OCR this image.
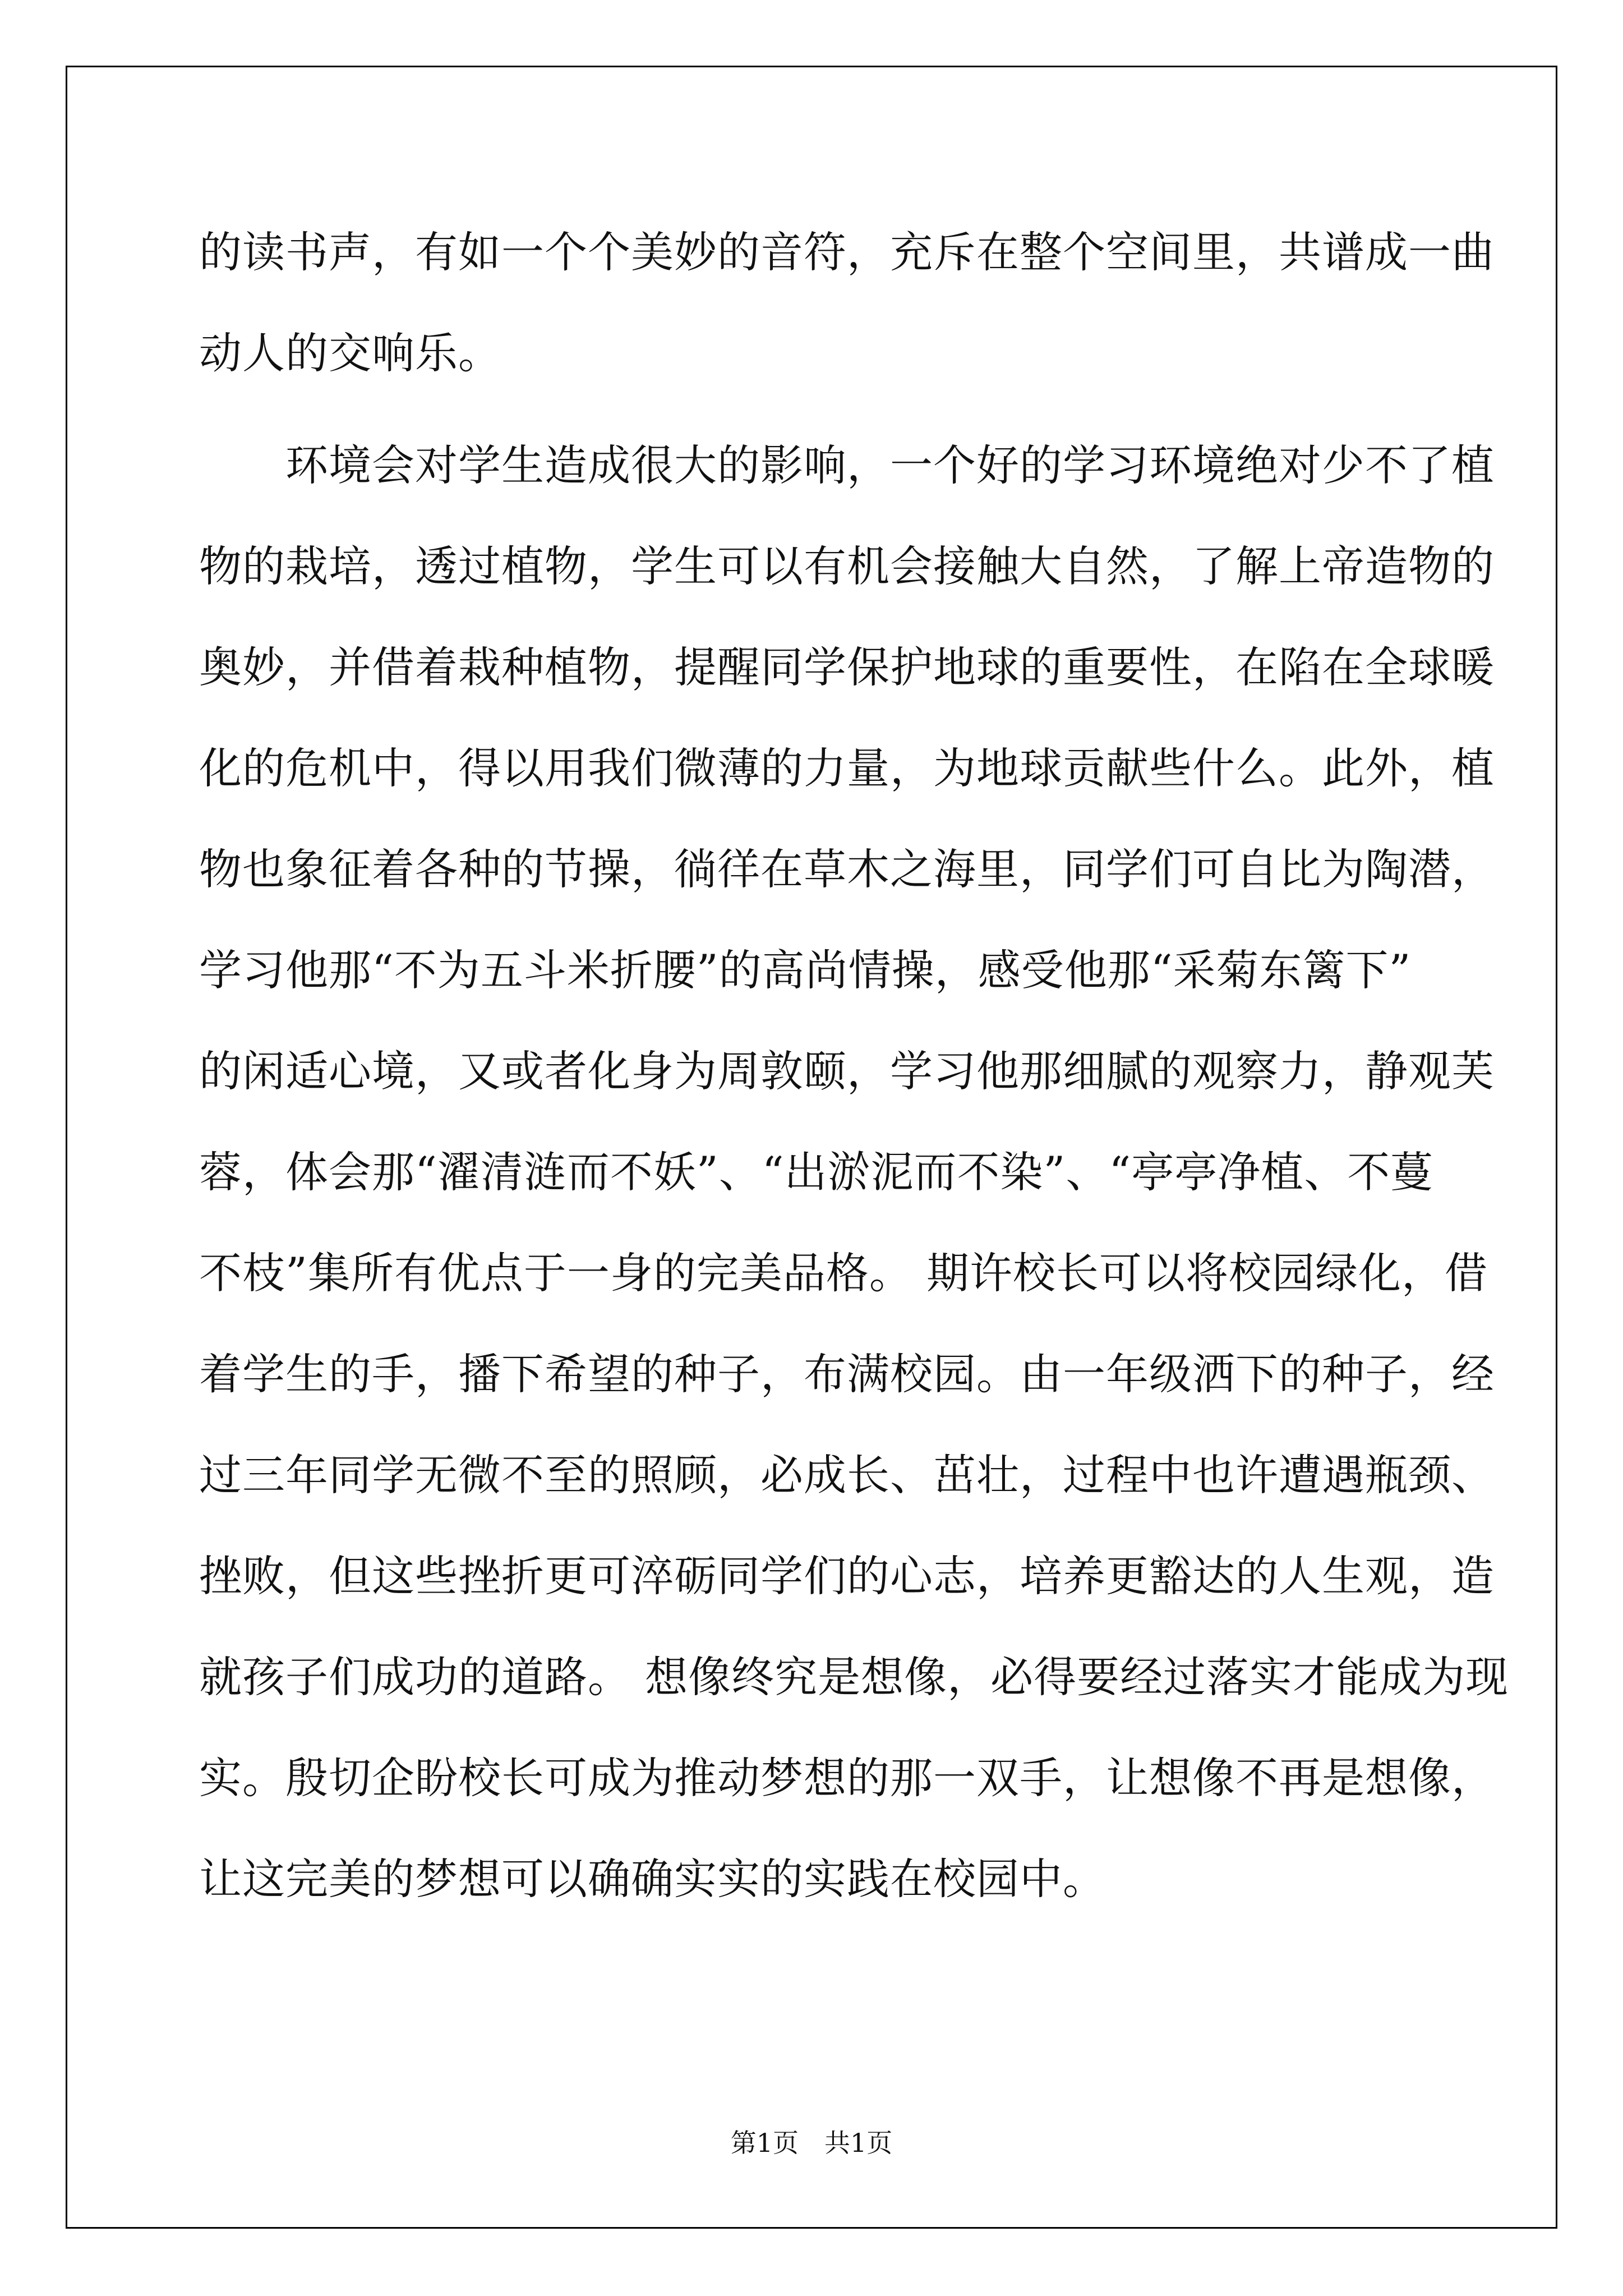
的读书声，有如一个个美妙的音符，充斥在整个空间里，共谱成一曲
动人的交响乐。
　　环境会对学生造成很大的影响，一个好的学习环境绝对少不了植
物的栽培，透过植物，学生可以有机会接触大自然，了解上帝造物的
奥妙，并借着栽种植物，提醒同学保护地球的重要性，在陷在全球暖
化的危机中，得以用我们微薄的力量，为地球贡献些什么。此外，植
物也象征着各种的节操，徜徉在草木之海里，同学们可自比为陶潜，
学习他那“不为五斗米折腰”的高尚情操，感受他那“采菊东篱下”
的闲适心境，又或者化身为周敦颐，学习他那细腻的观察力，静观芙
蓉，体会那“濯清涟而不妖”、“出淤泥而不染”、“亭亭净植、不蔓
不枝”集所有优点于一身的完美品格。 期许校长可以将校园绿化，借
着学生的手，播下希望的种子，布满校园。由一年级洒下的种子，经
过三年同学无微不至的照顾，必成长、茁壮，过程中也许遭遇瓶颈、
挫败，但这些挫折更可淬砺同学们的心志，培养更豁达的人生观，造
就孩子们成功的道路。 想像终究是想像，必得要经过落实才能成为现
实。殷切企盼校长可成为推动梦想的那一双手，让想像不再是想像，
让这完美的梦想可以确确实实的实践在校园中。
第1页　共1页
